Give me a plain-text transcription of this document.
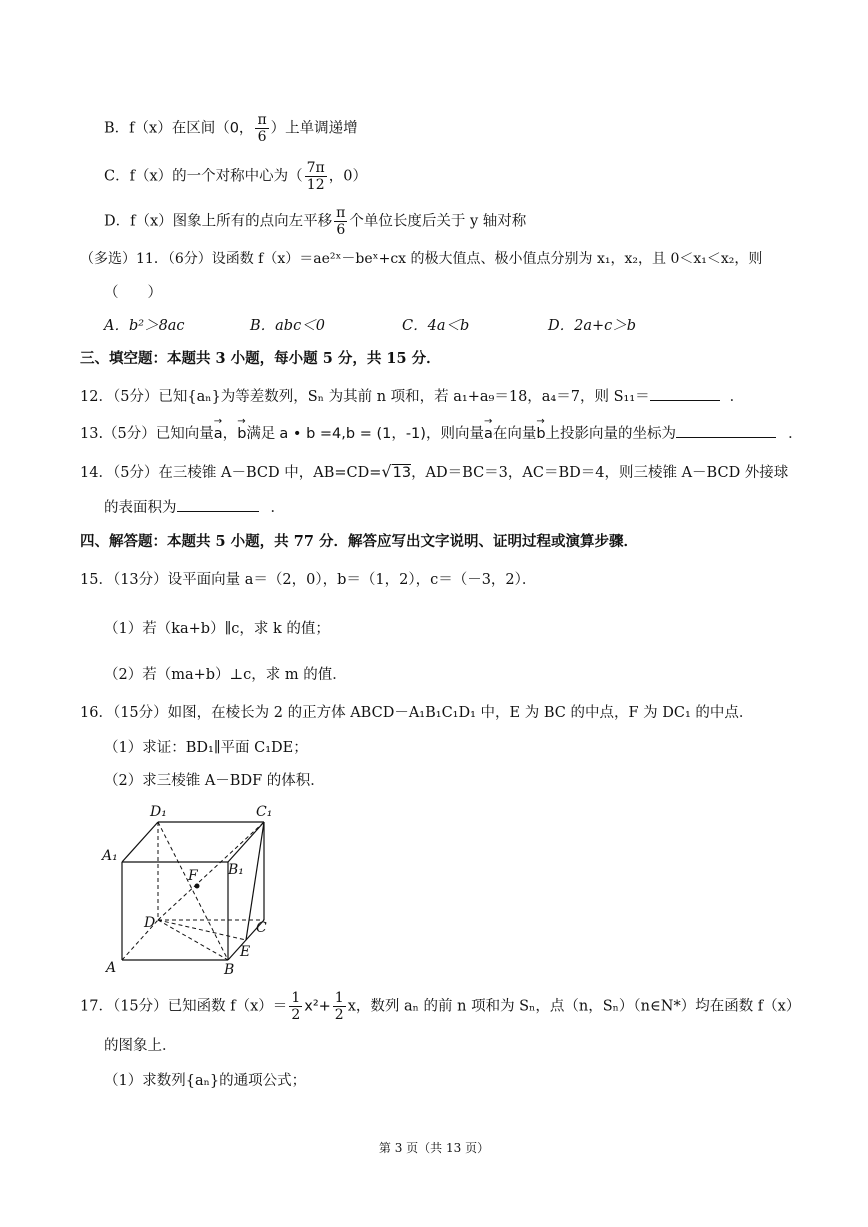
B．f（x）在区间（0， $\frac{\pi}{6}$ ）上单调递增
C．f（x）的一个对称中心为（ $\frac{7\pi}{12}$ ，0）
D．f（x）图象上所有的点向左平移 $\frac{\pi}{6}$ 个单位长度后关于 y 轴对称
（多选）11．（6分）设函数 f（x）＝ae²ˣ－beˣ+cx 的极大值点、极小值点分别为 x₁，x₂，且 0＜x₁＜x₂，则
（　　）
A．b²＞8ac	B．abc＜0	C．4a＜b	D．2a+c＞b
三、填空题：本题共 3 小题，每小题 5 分，共 15 分．
12．（5分）已知{aₙ}为等差数列，Sₙ 为其前 n 项和，若 a₁+a₉＝18，a₄＝7，则 S₁₁＝	．
13.（5分）已知向量→ a，→ b满足 a • b =4,b = (1，-1)，则向量→ a在向量→ b上投影向量的坐标为	．
14．（5分）在三棱锥 A－BCD 中，AB=CD=√13，AD＝BC＝3，AC＝BD＝4，则三棱锥 A－BCD 外接球
的表面积为	．
四、解答题：本题共 5 小题，共 77 分．解答应写出文字说明、证明过程或演算步骤．
15．（13分）设平面向量 a＝（2，0），b＝（1，2），c＝（－3，2）．
（1）若（ka+b）∥c，求 k 的值；
（2）若（ma+b）⊥c，求 m 的值．
16．（15分）如图，在棱长为 2 的正方体 ABCD－A₁B₁C₁D₁ 中，E 为 BC 的中点，F 为 DC₁ 的中点．
（1）求证：BD₁∥平面 C₁DE；
（2）求三棱锥 A－BDF 的体积．
D₁	C₁
A₁
B₁
F
D	C
A	B
E
17．（15分）已知函数 $f(x)= \frac{1}{2} x^2+ \frac{1}{2}$ x，数列 aₙ 的前 n 项和为 Sₙ，点（n，Sₙ）（n∈N*）均在函数 f（x）
的图象上．
（1）求数列{aₙ}的通项公式；
第 3 页（共 13 页）
